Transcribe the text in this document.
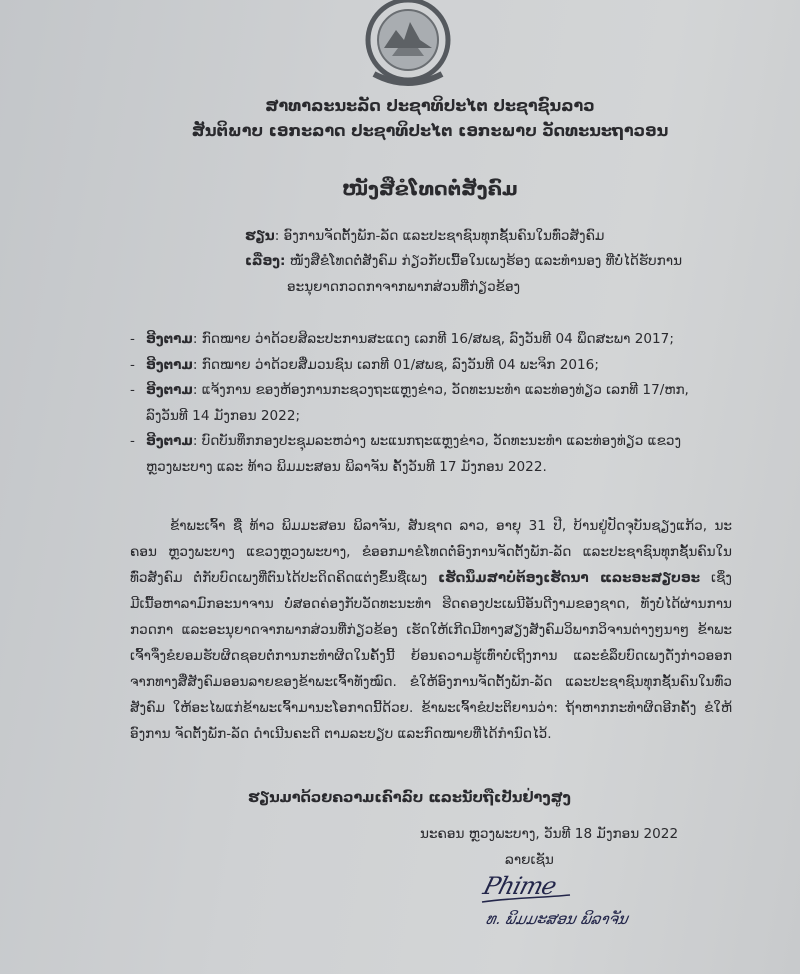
ສາທາລະນະລັດ ປະຊາທິປະໄຕ ປະຊາຊົນລາວ
ສັນຕິພາບ ເອກະລາດ ປະຊາທິປະໄຕ ເອກະພາບ ວັດທະນະຖາວອນ
ໜັງສືຂໍໂທດຕໍ່ສັງຄົມ
ຮຽນ: ອົງການຈັດຕັ້ງພັກ-ລັດ ແລະປະຊາຊົນທຸກຊັ້ນຄົນໃນທົ່ວສັງຄົມ
ເລື່ອງ: ໜັງສືຂໍໂທດຕໍ່ສັງຄົມ ກ່ຽວກັບເນື້ອໃນເພງຮ້ອງ ແລະທຳນອງ ທີ່ບໍ່ໄດ້ຮັບການ
ອະນຸຍາດກວດກາຈາກພາກສ່ວນທີ່ກ່ຽວຂ້ອງ
- ອີງຕາມ: ກົດໝາຍ ວ່າດ້ວຍສິລະປະການສະແດງ ເລກທີ 16/ສພຊ, ລົງວັນທີ 04 ພຶດສະພາ 2017;
- ອີງຕາມ: ກົດໝາຍ ວ່າດ້ວຍສື່ມວນຊົນ ເລກທີ 01/ສພຊ, ລົງວັນທີ 04 ພະຈິກ 2016;
- ອີງຕາມ: ແຈ້ງການ ຂອງຫ້ອງການກະຊວງຖະແຫຼງຂ່າວ, ວັດທະນະທຳ ແລະທ່ອງທ່ຽວ ເລກທີ 17/ຫກ,
ລົງວັນທີ 14 ມັງກອນ 2022;
- ອີງຕາມ: ບົດບັນທຶກກອງປະຊຸມລະຫວ່າງ ພະແນກຖະແຫຼງຂ່າວ, ວັດທະນະທຳ ແລະທ່ອງທ່ຽວ ແຂວງ
ຫຼວງພະບາງ ແລະ ທ້າວ ພິມມະສອນ ພິລາຈັນ ຄັ້ງວັນທີ 17 ມັງກອນ 2022.
ຂ້າພະເຈົ້າ ຊື່ ທ້າວ ພິມມະສອນ ພິລາຈັນ, ສັນຊາດ ລາວ, ອາຍຸ 31 ປີ, ບ້ານຢູ່ປັດຈຸບັນຊຽງແກ້ວ, ນະ
ຄອນ ຫຼວງພະບາງ ແຂວງຫຼວງພະບາງ, ຂໍອອກມາຂໍໂທດຕໍ່ອົງການຈັດຕັ້ງພັກ-ລັດ ແລະປະຊາຊົນທຸກຊັ້ນຄົນໃນ
ທົ່ວສັງຄົມ ຕໍ່ກັບບົດເພງທີ່ຕົນໄດ້ປະດິດຄິດແຕ່ງຂຶ້ນຊື່ເພງ ເຮັດນຶມສາບໍ່ຕ້ອງເຮັດນາ ແລະອະສຽບອະ ເຊິ່ງ
ມີເນື້ອຫາລາມົກອະນາຈານ ບໍ່ສອດຄ່ອງກັບວັດທະນະທຳ ຮີດຄອງປະເພນີອັນດີງາມຂອງຊາດ, ທັງບໍ່ໄດ້ຜ່ານການ
ກວດກາ ແລະອະນຸຍາດຈາກພາກສ່ວນທີ່ກ່ຽວຂ້ອງ ເຮັດໃຫ້ເກີດມີທາງສຽງສັງຄົມວິພາກວິຈານຕ່າງໆນາໆ ຂ້າພະ
ເຈົ້າຈຶ່ງຂໍຍອມຮັບຜິດຊອບຕໍ່ການກະທຳຜິດໃນຄັ້ງນີ້ ຍ້ອນຄວາມຮູ້ເທົ່າບໍ່ເຖິງການ ແລະຂໍລຶບບົດເພງດັ່ງກ່າວອອກ
ຈາກທາງສື່ສັງຄົມອອນລາຍຂອງຂ້າພະເຈົ້າທັງໝົດ. ຂໍໃຫ້ອົງການຈັດຕັ້ງພັກ-ລັດ ແລະປະຊາຊົນທຸກຊັ້ນຄົນໃນທົ່ວ
ສັງຄົມ ໃຫ້ອະໄພແກ່ຂ້າພະເຈົ້າມານະໂອກາດນີ້ດ້ວຍ. ຂ້າພະເຈົ້າຂໍປະຕິຍານວ່າ: ຖ້າຫາກກະທຳຜິດອີກຄັ້ງ ຂໍໃຫ້
ອົງການ ຈັດຕັ້ງພັກ-ລັດ ດຳເນີນຄະດີ ຕາມລະບຽບ ແລະກົດໝາຍທີ່ໄດ້ກຳນົດໄວ້.
ຮຽນມາດ້ວຍຄວາມເຄົາລົບ ແລະນັບຖືເປັນຢ່າງສູງ
ນະຄອນ ຫຼວງພະບາງ, ວັນທີ 18 ມັງກອນ 2022
ລາຍເຊັນ
Phime
ທ. ພິມມະສອນ ພິລາຈັນ
